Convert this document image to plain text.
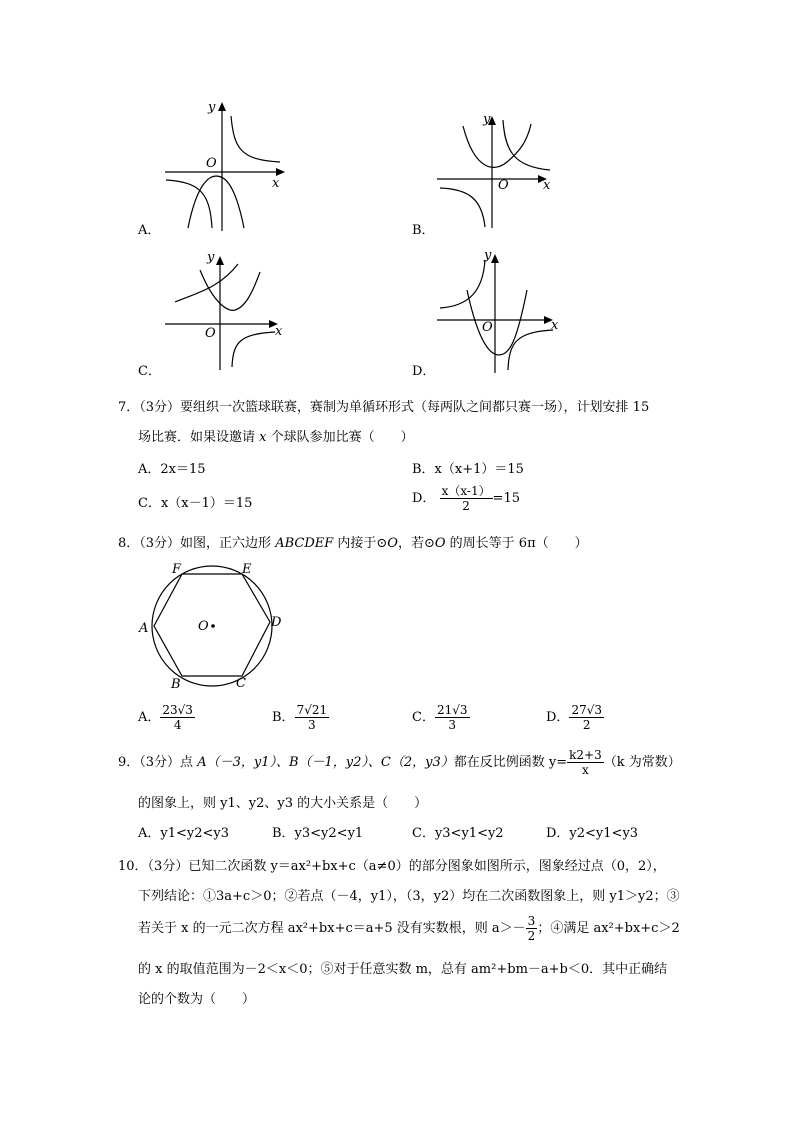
y
x
O
A．
y
x
O
B．
y
x
O
C．
y
x
O
D．
7．（3分）要组织一次篮球联赛，赛制为单循环形式（每两队之间都只赛一场），计划安排 15
场比赛．如果设邀请 x 个球队参加比赛（　　）
A．2x＝15	B．x（x+1）＝15
C．x（x－1）＝15	D． $\frac{x(x-1)}{2} =15$
8．（3分）如图，正六边形 ABCDEF 内接于⊙O，若⊙O 的周长等于 6π（　　）
F	E
A	D
O
B	C
A． $\frac{23√3}{4}$	B． $\frac{7√21}{3}$	C． $\frac{21√3}{3}$	D． $\frac{27√3}{2}$
9．（3分）点 A（－3，y1）、B（－1，y2）、C（2，y3）都在反比例函数 $y= \frac{k2+3}{x} (k$ 为常数）
的图象上，则 y1、y2、y3 的大小关系是（　　）
A．y1<y2<y3	B．y3<y2<y1	C．y3<y1<y2	D．y2<y1<y3
10．（3分）已知二次函数 y＝ax²+bx+c（a≠0）的部分图象如图所示，图象经过点（0，2），
下列结论：①3a+c＞0；②若点（－4，y1），（3，y2）均在二次函数图象上，则 y1＞y2；③
若关于 x 的一元二次方程 ax²+bx+c＝a+5 没有实数根，则 $a>- \frac{3}{2}$ ；④满足 ax²+bx+c＞2
的 x 的取值范围为－2＜x＜0；⑤对于任意实数 m，总有 am²+bm－a+b＜0．其中正确结
论的个数为（　　）
